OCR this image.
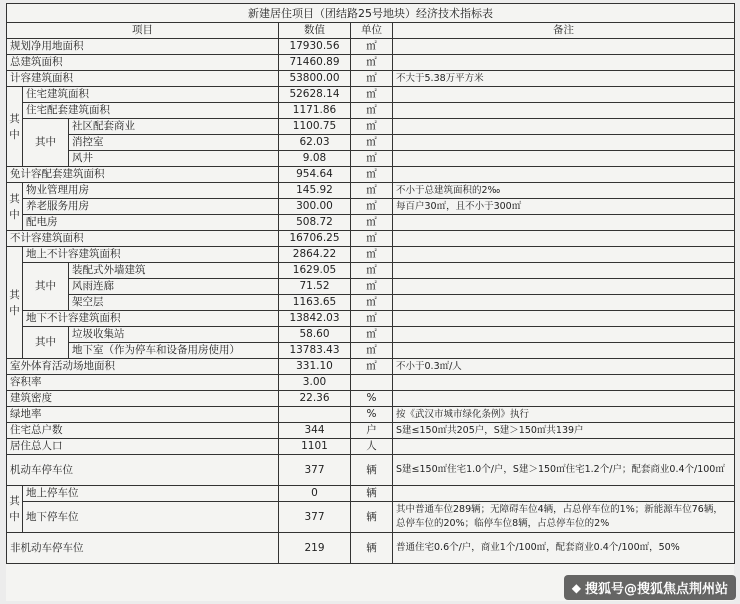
新建居住项目（团结路25号地块）经济技术指标表					
项目			数值	单位	备注
规划净用地面积			17930.56	㎡	
总建筑面积			71460.89	㎡	
计容建筑面积			53800.00	㎡	不大于5.38万平方米
其中	住宅建筑面积		52628.14	㎡	
	住宅配套建筑面积		1171.86	㎡	
	其中	社区配套商业	1100.75	㎡	
		消控室	62.03	㎡	
		风井	9.08	㎡	
免计容配套建筑面积			954.64	㎡	
其中	物业管理用房		145.92	㎡	不小于总建筑面积的2‰
	养老服务用房		300.00	㎡	每百户30㎡，且不小于300㎡
	配电房		508.72	㎡	
不计容建筑面积			16706.25	㎡	
其中	地上不计容建筑面积		2864.22	㎡	
	其中	装配式外墙建筑	1629.05	㎡	
		风雨连廊	71.52	㎡	
		架空层	1163.65	㎡	
	地下不计容建筑面积		13842.03	㎡	
	其中	垃圾收集站	58.60	㎡	
		地下室（作为停车和设备用房使用）	13783.43	㎡	
室外体育活动场地面积			331.10	㎡	不小于0.3㎡/人
容积率			3.00		
建筑密度			22.36	%	
绿地率				%	按《武汉市城市绿化条例》执行
住宅总户数			344	户	S建≤150㎡共205户，S建＞150㎡共139户
居住总人口			1101	人	
机动车停车位			377	辆	S建≤150㎡住宅1.0个/户，S建＞150㎡住宅1.2个/户；配套商业0.4个/100㎡
其中	地上停车位		0	辆	
	地下停车位		377	辆	其中普通车位289辆；无障碍车位4辆，占总停车位的1%；新能源车位76辆，总停车位的20%；临停车位8辆，占总停车位的2%
非机动车停车位			219	辆	普通住宅0.6个/户，商业1个/100㎡，配套商业0.4个/100㎡，50%
◆ 搜狐号@搜狐焦点荆州站
